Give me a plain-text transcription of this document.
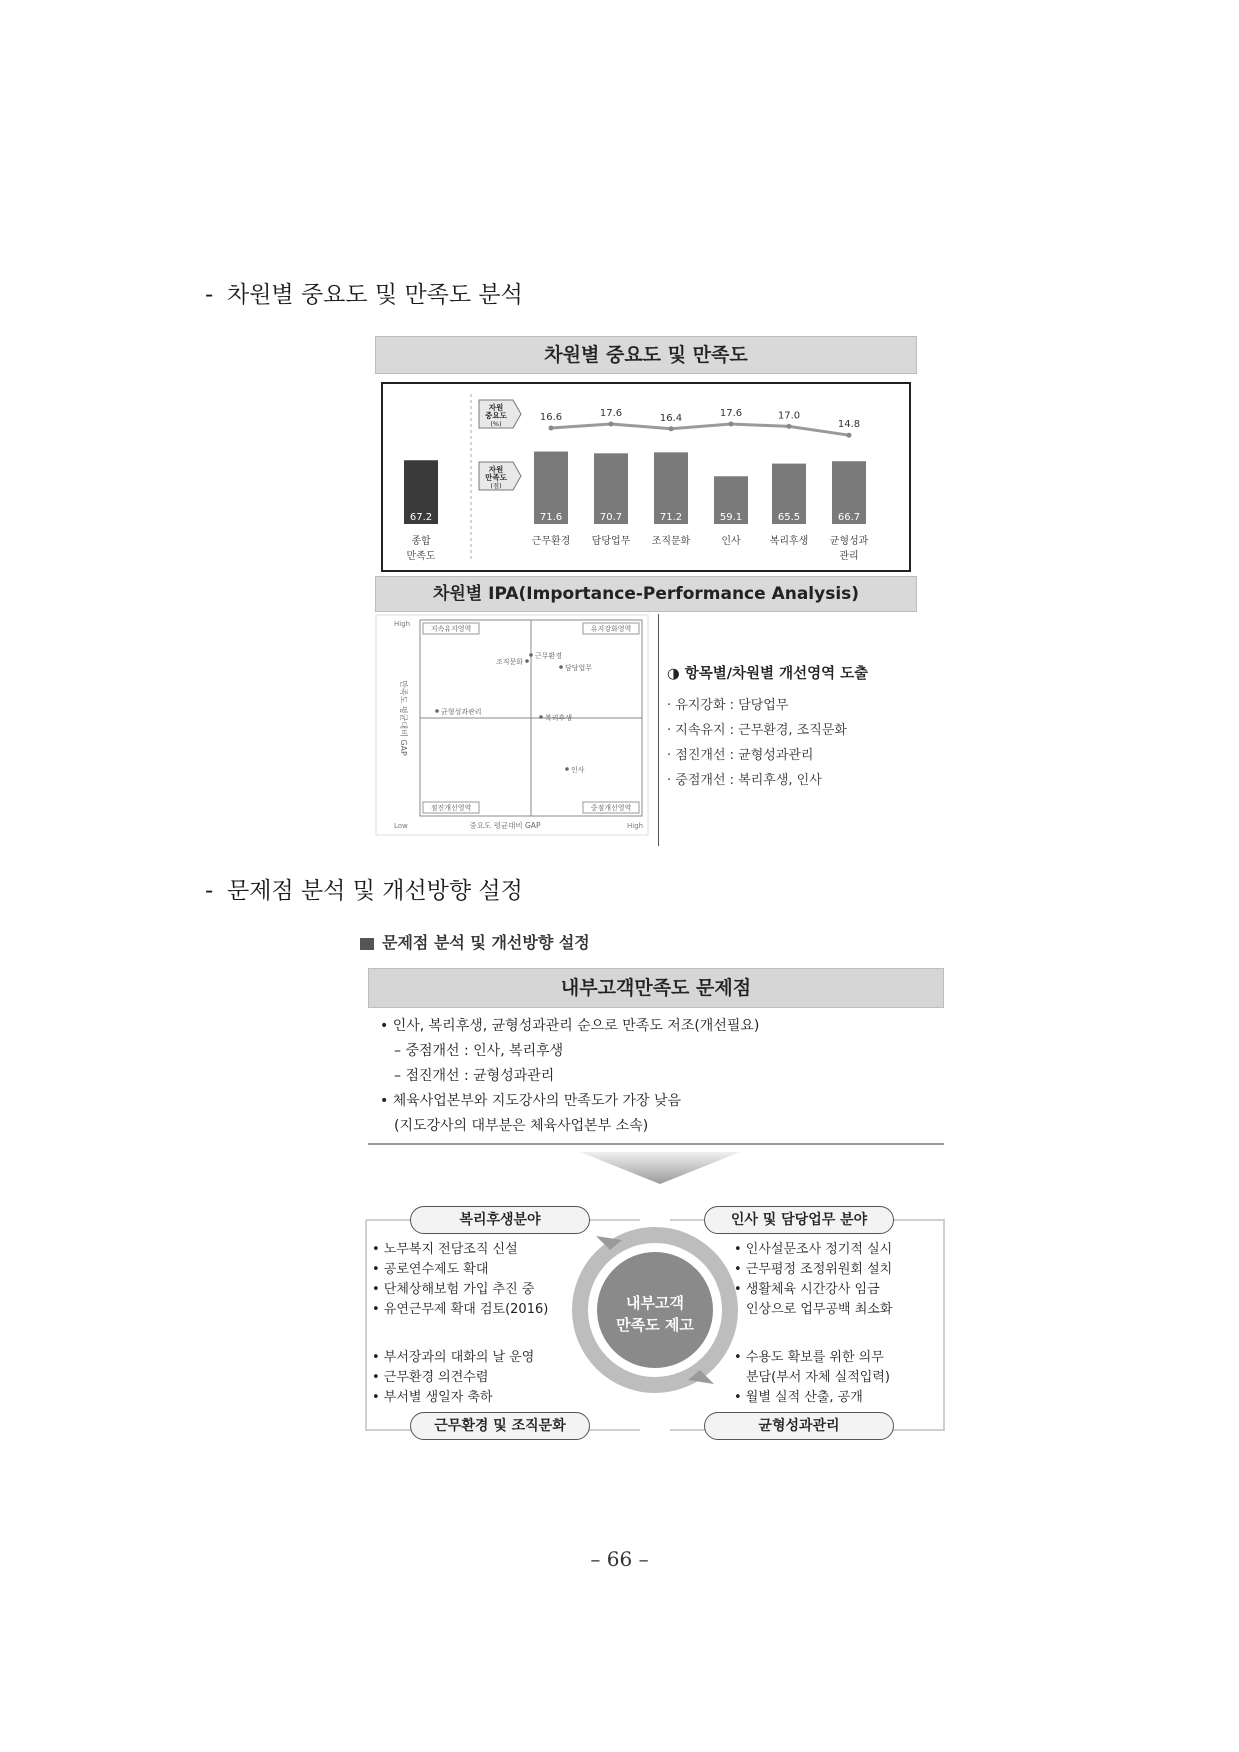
- 차원별 중요도 및 만족도 분석
차원별 중요도 및 만족도
자원
중요도
(%)
자원
만족도
(점)
67.2
종합
만족도
71.6
근무환경
16.6
70.7
담당업무
17.6
71.2
조직문화
16.4
59.1
인사
17.6
65.5
복리후생
17.0
66.7
균형성과
관리
14.8
차원별 IPA(Importance-Performance Analysis)
High
Low	High
지속유지영역	유지강화영역
점진개선영역	중점개선영역
만족도 평균대비 GAP
중요도 평균대비 GAP
근무환경
조직문화
담당업무
균형성과관리
복리후생
인사
◑ 항목별/차원별 개선영역 도출
· 유지강화 : 담당업무
· 지속유지 : 근무환경, 조직문화
· 점진개선 : 균형성과관리
· 중점개선 : 복리후생, 인사
- 문제점 분석 및 개선방향 설정
문제점 분석 및 개선방향 설정
내부고객만족도 문제점
• 인사, 복리후생, 균형성과관리 순으로 만족도 저조(개선필요)
– 중점개선 : 인사, 복리후생
– 점진개선 : 균형성과관리
• 체육사업본부와 지도강사의 만족도가 가장 낮음
(지도강사의 대부분은 체육사업본부 소속)
내부고객
만족도 제고
복리후생분야	인사 및 담당업무 분야
근무환경 및 조직문화	균형성과관리
• 노무복지 전담조직 신설
• 공로연수제도 확대
• 단체상해보험 가입 추진 중
• 유연근무제 확대 검토(2016)
• 인사설문조사 정기적 실시
• 근무평정 조정위원회 설치
• 생활체육 시간강사 임금
인상으로 업무공백 최소화
• 부서장과의 대화의 날 운영
• 근무환경 의견수렴
• 부서별 생일자 축하
• 수용도 확보를 위한 의무
분담(부서 자체 실적입력)
• 월별 실적 산출, 공개
– 66 –
